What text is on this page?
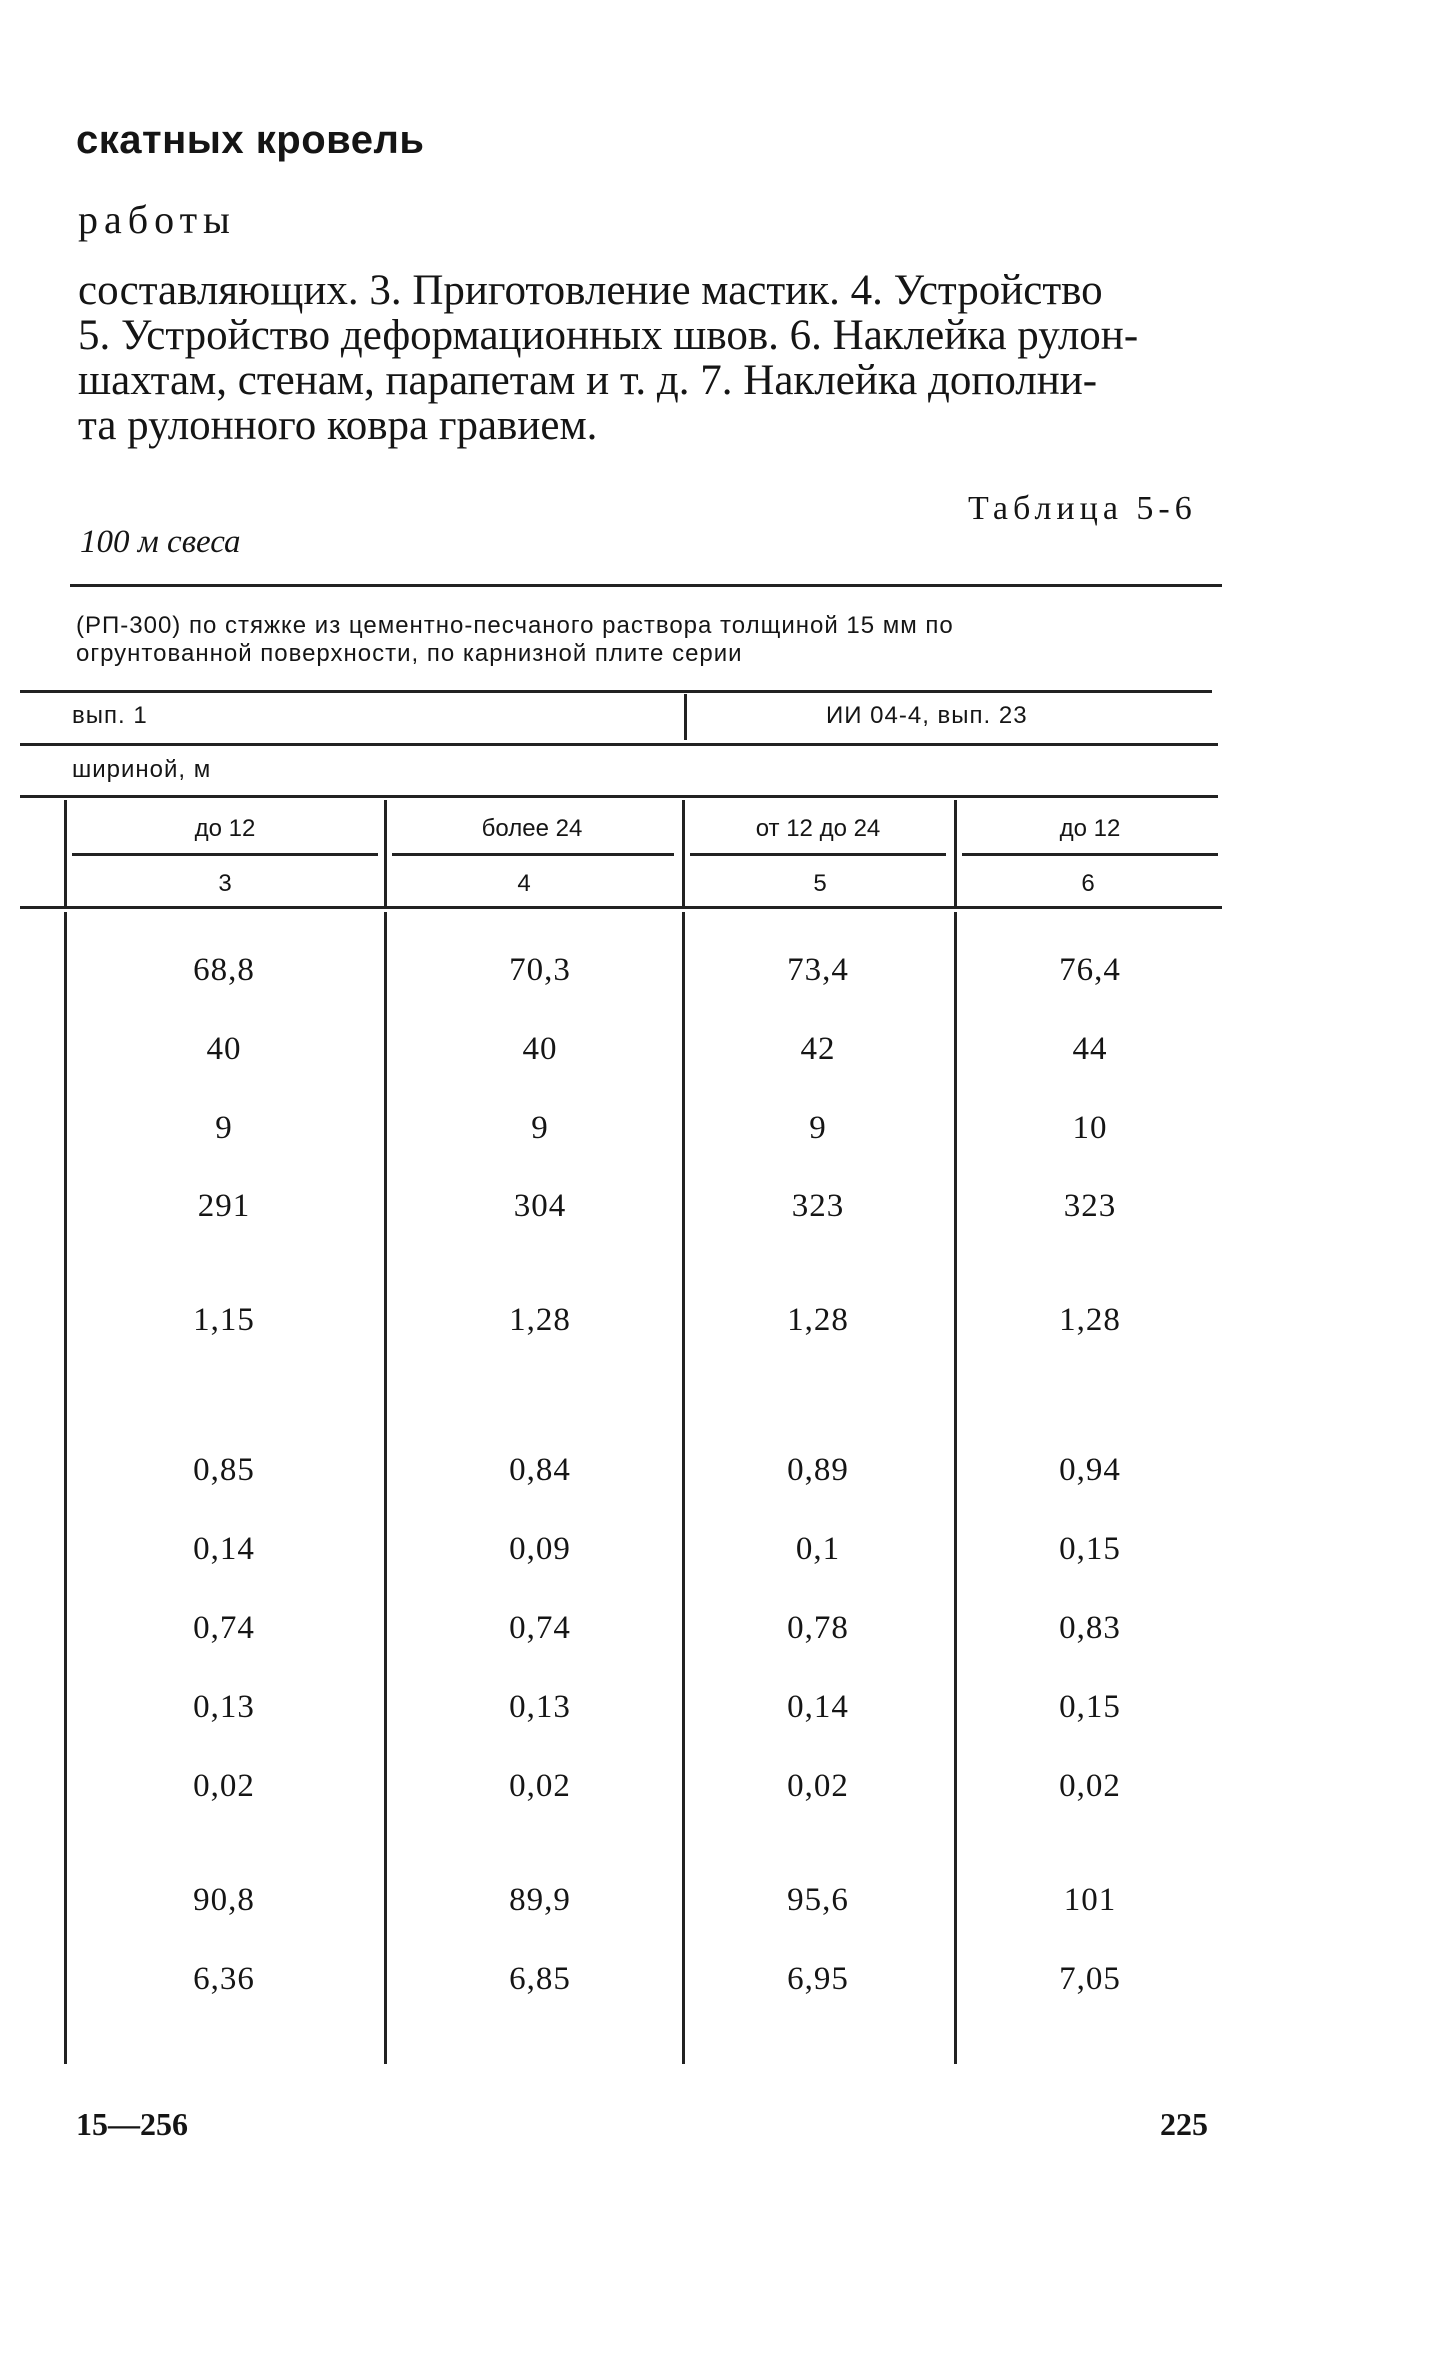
скатных кровель
работы
составляющих. 3. Приготовление мастик. 4. Устройство
5. Устройство деформационных швов. 6. Наклейка рулон-
шахтам, стенам, парапетам и т. д. 7. Наклейка дополни-
та рулонного ковра гравием.
Таблица 5-6
100 м свеса
(РП-300) по стяжке из цементно-песчаного раствора толщиной 15 мм по
огрунтованной поверхности, по карнизной плите серии
вып. 1	ИИ 04-4, вып. 23
шириной, м
до 12	более 24	от 12 до 24	до 12
3	4	5	6
68,8	70,3	73,4	76,4
40	40	42	44
9	9	9	10
291	304	323	323
1,15	1,28	1,28	1,28
0,85	0,84	0,89	0,94
0,14	0,09	0,1	0,15
0,74	0,74	0,78	0,83
0,13	0,13	0,14	0,15
0,02	0,02	0,02	0,02
90,8	89,9	95,6	101
6,36	6,85	6,95	7,05
15—256	225
